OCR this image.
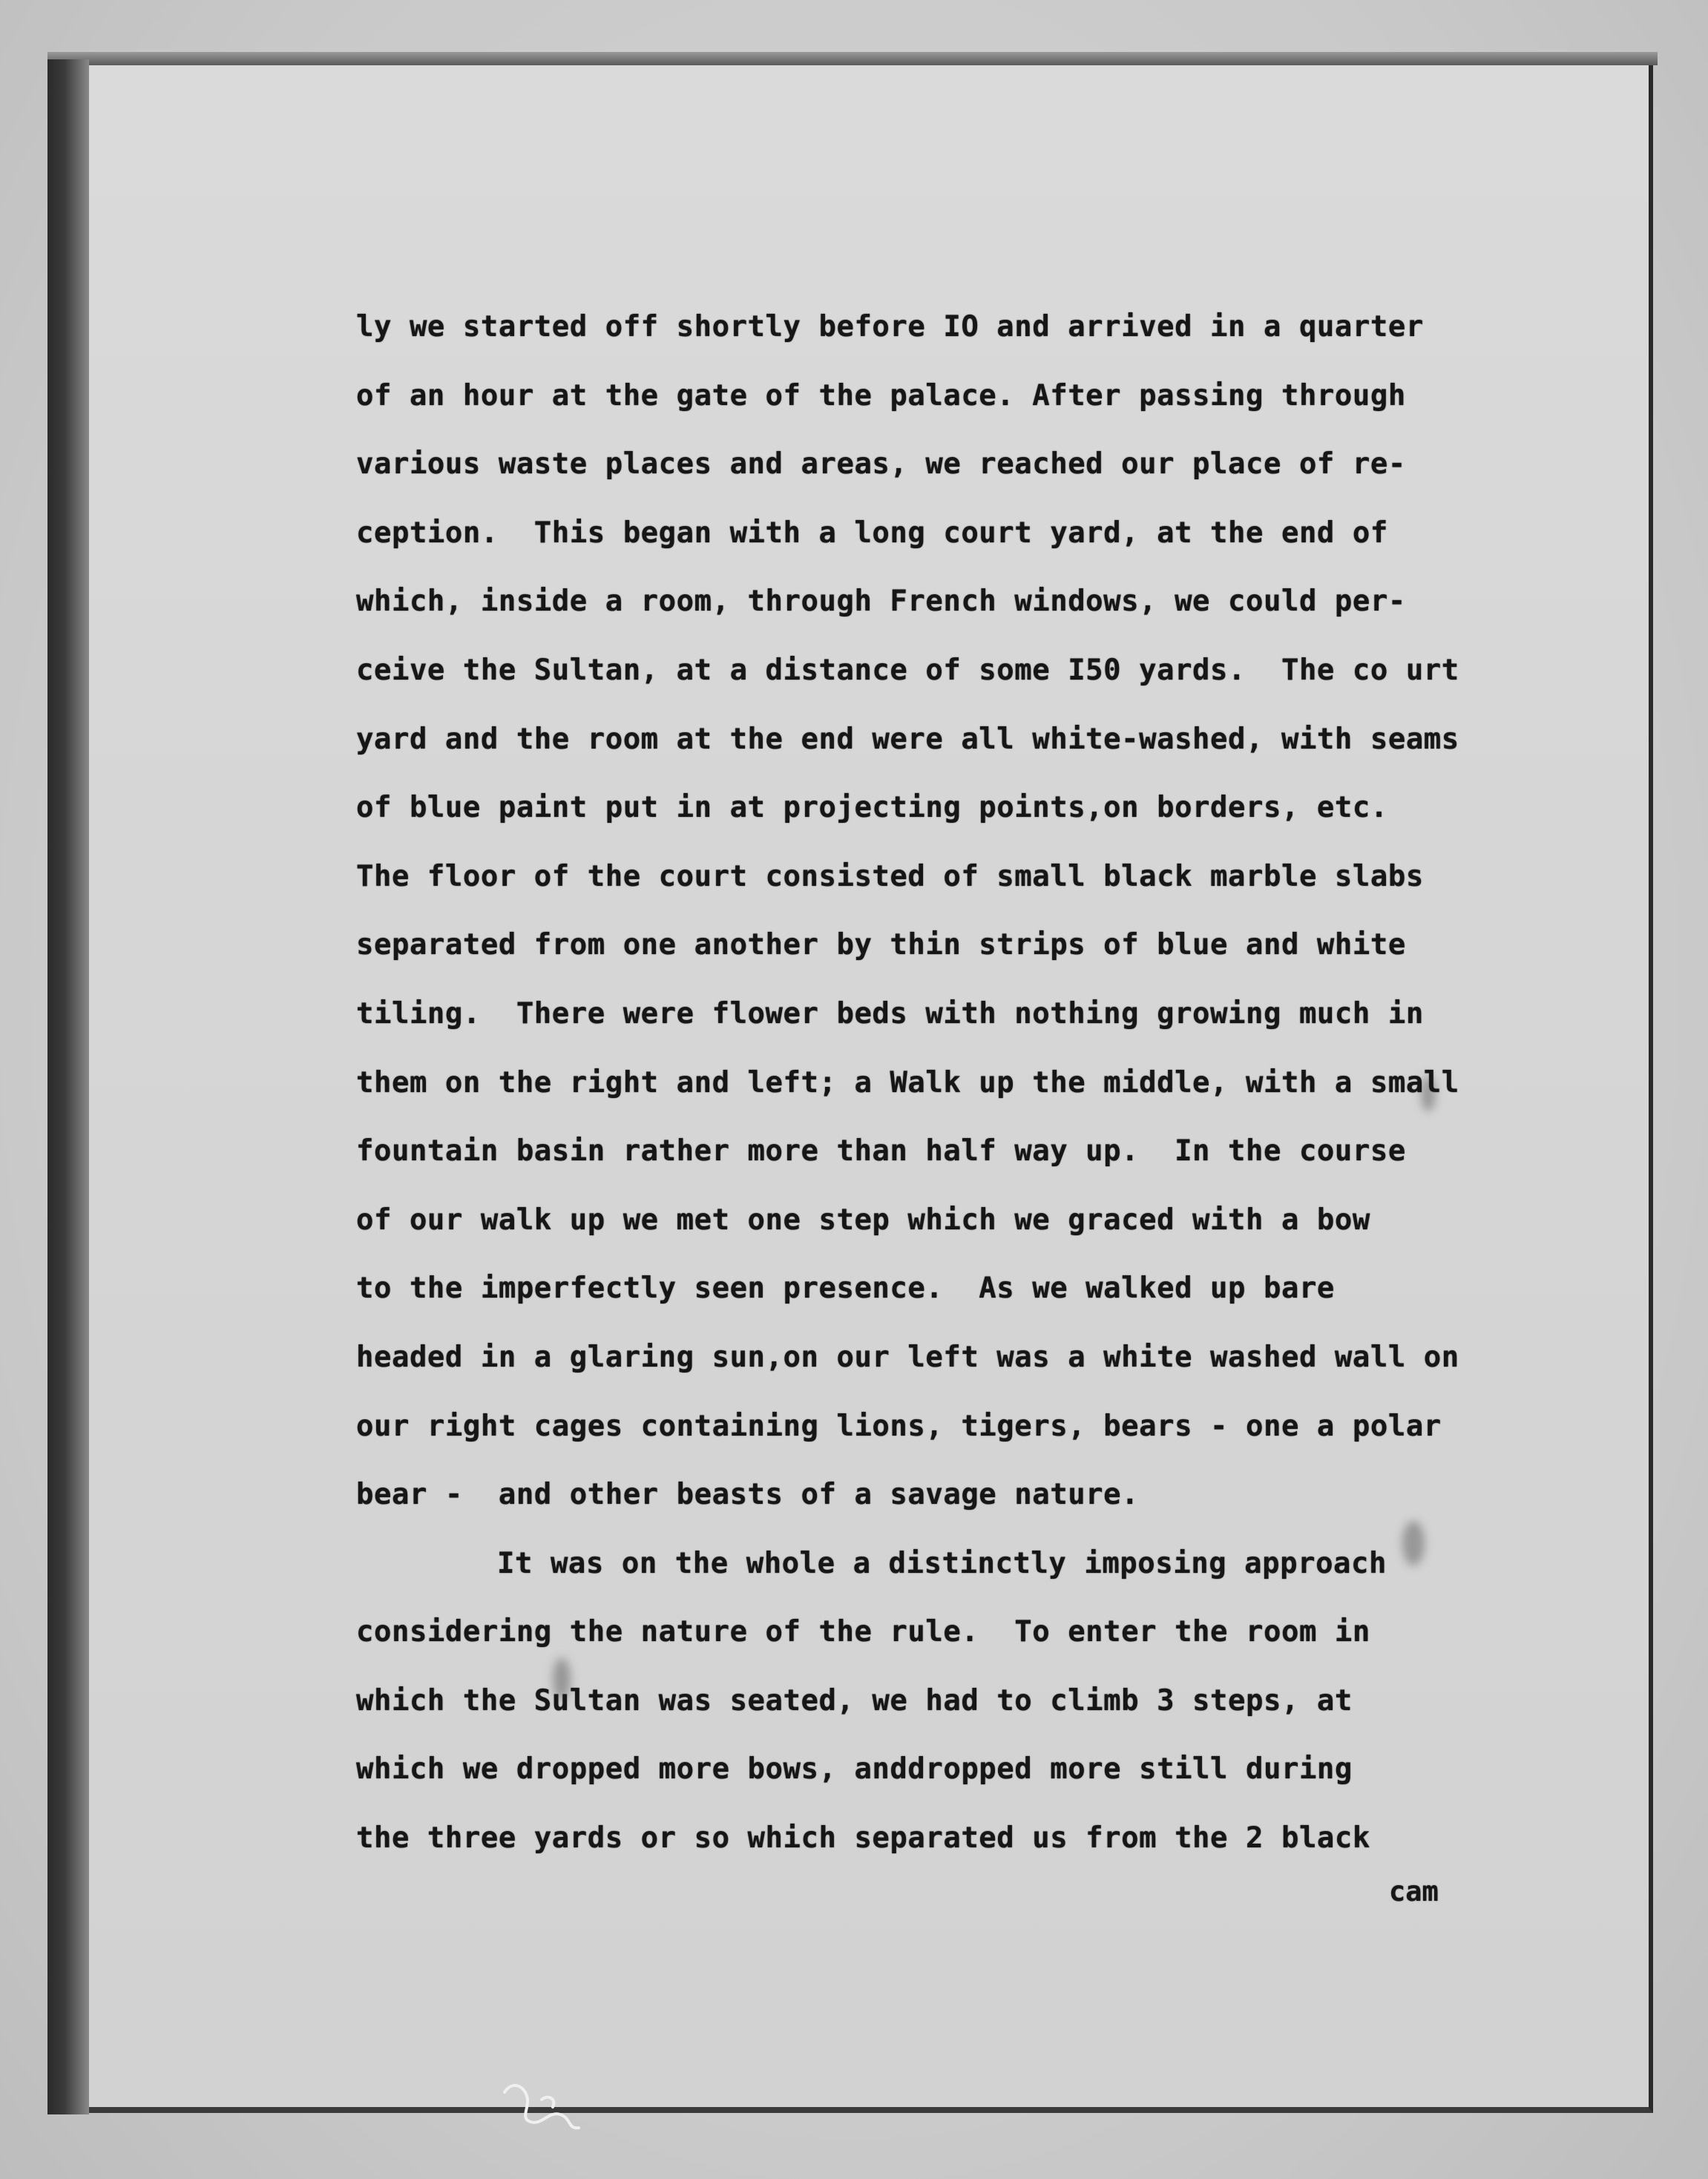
ly we started off shortly before IO and arrived in a quarter
of an hour at the gate of the palace. After passing through
various waste places and areas, we reached our place of re-
ception.  This began with a long court yard, at the end of
which, inside a room, through French windows, we could per-
ceive the Sultan, at a distance of some I50 yards.  The co urt
yard and the room at the end were all white-washed, with seams
of blue paint put in at projecting points,on borders, etc.
The floor of the court consisted of small black marble slabs
separated from one another by thin strips of blue and white
tiling.  There were flower beds with nothing growing much in
them on the right and left; a Walk up the middle, with a small
fountain basin rather more than half way up.  In the course
of our walk up we met one step which we graced with a bow
to the imperfectly seen presence.  As we walked up bare
headed in a glaring sun,on our left was a white washed wall on
our right cages containing lions, tigers, bears - one a polar
bear -  and other beasts of a savage nature.
It was on the whole a distinctly imposing approach
considering the nature of the rule.  To enter the room in
which the Sultan was seated, we had to climb 3 steps, at
which we dropped more bows, anddropped more still during
the three yards or so which separated us from the 2 black
cam
